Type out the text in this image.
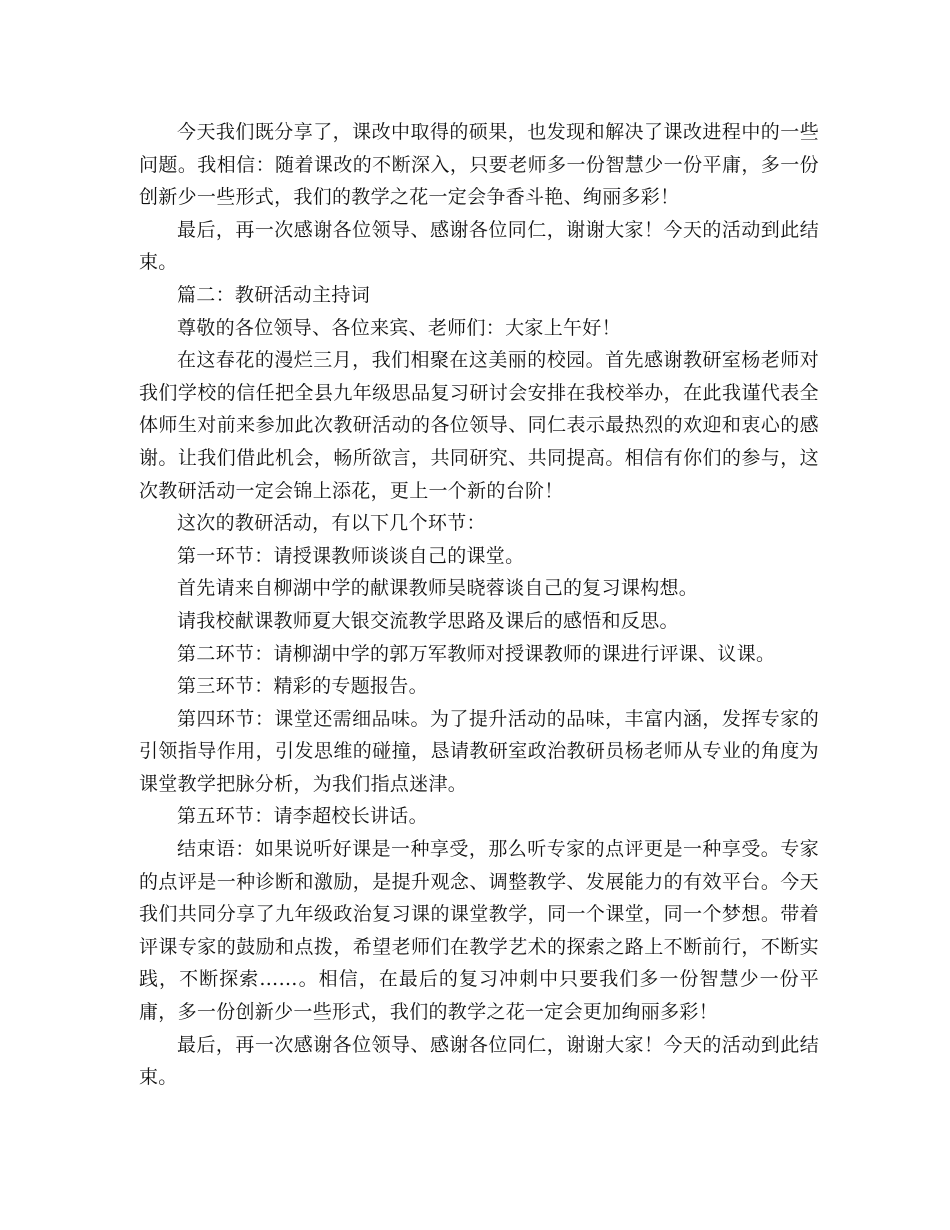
今天我们既分享了，课改中取得的硕果，也发现和解决了课改进程中的一些问题。我相信：随着课改的不断深入，只要老师多一份智慧少一份平庸，多一份创新少一些形式，我们的教学之花一定会争香斗艳、绚丽多彩！

最后，再一次感谢各位领导、感谢各位同仁，谢谢大家！今天的活动到此结束。

篇二：教研活动主持词

尊敬的各位领导、各位来宾、老师们：大家上午好！

在这春花的漫烂三月，我们相聚在这美丽的校园。首先感谢教研室杨老师对我们学校的信任把全县九年级思品复习研讨会安排在我校举办，在此我谨代表全体师生对前来参加此次教研活动的各位领导、同仁表示最热烈的欢迎和衷心的感谢。让我们借此机会，畅所欲言，共同研究、共同提高。相信有你们的参与，这次教研活动一定会锦上添花，更上一个新的台阶！

这次的教研活动，有以下几个环节：

第一环节：请授课教师谈谈自己的课堂。

首先请来自柳湖中学的献课教师吴晓蓉谈自己的复习课构想。

请我校献课教师夏大银交流教学思路及课后的感悟和反思。

第二环节：请柳湖中学的郭万军教师对授课教师的课进行评课、议课。

第三环节：精彩的专题报告。

第四环节：课堂还需细品味。为了提升活动的品味，丰富内涵，发挥专家的引领指导作用，引发思维的碰撞，恳请教研室政治教研员杨老师从专业的角度为课堂教学把脉分析，为我们指点迷津。

第五环节：请李超校长讲话。

结束语：如果说听好课是一种享受，那么听专家的点评更是一种享受。专家的点评是一种诊断和激励，是提升观念、调整教学、发展能力的有效平台。今天我们共同分享了九年级政治复习课的课堂教学，同一个课堂，同一个梦想。带着评课专家的鼓励和点拨，希望老师们在教学艺术的探索之路上不断前行，不断实践，不断探索……。相信，在最后的复习冲刺中只要我们多一份智慧少一份平庸，多一份创新少一些形式，我们的教学之花一定会更加绚丽多彩！

最后，再一次感谢各位领导、感谢各位同仁，谢谢大家！今天的活动到此结束。
